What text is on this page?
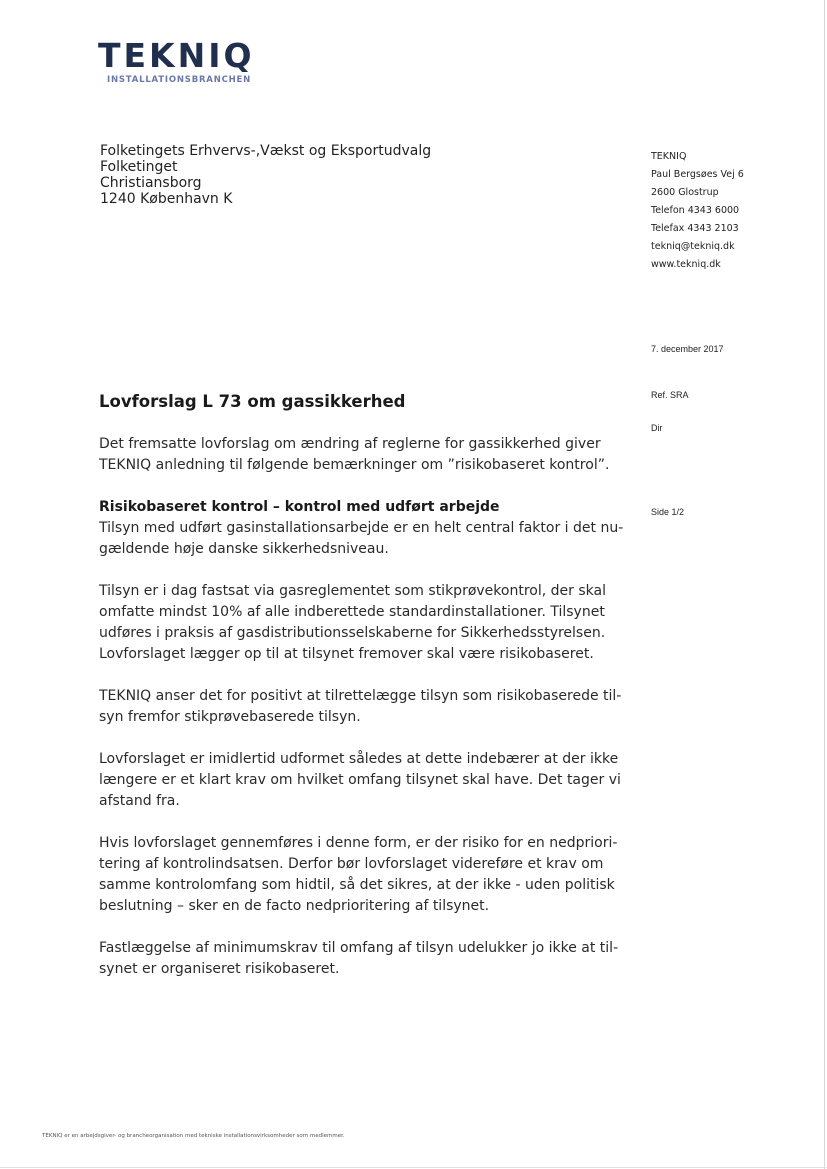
TEKNIQ
INSTALLATIONSBRANCHEN
Folketingets Erhvervs-,Vækst og Eksportudvalg
Folketinget
Christiansborg
1240 København K
TEKNIQ
Paul Bergsøes Vej 6
2600 Glostrup
Telefon 4343 6000
Telefax 4343 2103
tekniq@tekniq.dk
www.tekniq.dk
7. december 2017
Ref. SRA
Dir
Side 1/2
Lovforslag L 73 om gassikkerhed
Det fremsatte lovforslag om ændring af reglerne for gassikkerhed giver
TEKNIQ anledning til følgende bemærkninger om ”risikobaseret kontrol”.
Risikobaseret kontrol – kontrol med udført arbejde
Tilsyn med udført gasinstallationsarbejde er en helt central faktor i det nu-
gældende høje danske sikkerhedsniveau.
Tilsyn er i dag fastsat via gasreglementet som stikprøvekontrol, der skal
omfatte mindst 10% af alle indberettede standardinstallationer. Tilsynet
udføres i praksis af gasdistributionsselskaberne for Sikkerhedsstyrelsen.
Lovforslaget lægger op til at tilsynet fremover skal være risikobaseret.
TEKNIQ anser det for positivt at tilrettelægge tilsyn som risikobaserede til-
syn fremfor stikprøvebaserede tilsyn.
Lovforslaget er imidlertid udformet således at dette indebærer at der ikke
længere er et klart krav om hvilket omfang tilsynet skal have. Det tager vi
afstand fra.
Hvis lovforslaget gennemføres i denne form, er der risiko for en nedpriori-
tering af kontrolindsatsen. Derfor bør lovforslaget videreføre et krav om
samme kontrolomfang som hidtil, så det sikres, at der ikke - uden politisk
beslutning – sker en de facto nedprioritering af tilsynet.
Fastlæggelse af minimumskrav til omfang af tilsyn udelukker jo ikke at til-
synet er organiseret risikobaseret.
TEKNIQ er en arbejdsgiver- og brancheorganisation med tekniske installationsvirksomheder som medlemmer.
